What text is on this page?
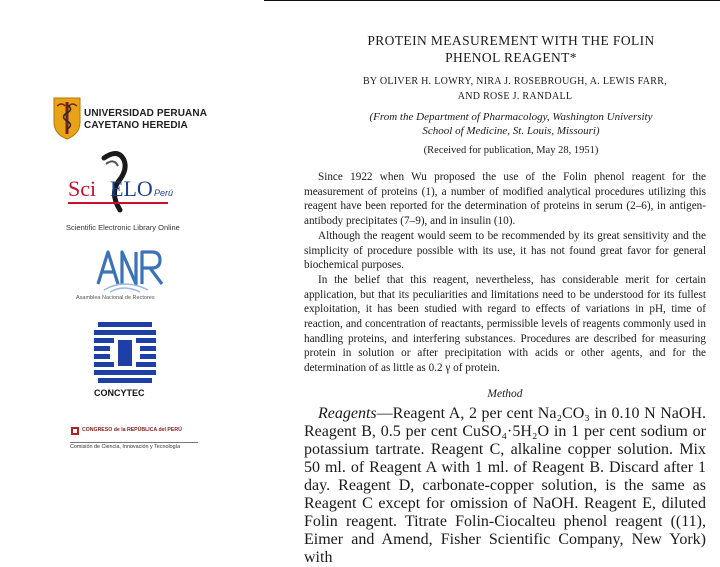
UNIVERSIDAD PERUANA
CAYETANO HEREDIA
Sci ELO Perú
Scientific Electronic Library Online
Asamblea Nacional de Rectores
CONCYTEC
CONGRESO de la REPÚBLICA del PERÚ
Comisión de Ciencia, Innovación y Tecnología
PROTEIN MEASUREMENT WITH THE FOLIN
PHENOL REAGENT*
BY OLIVER H. LOWRY, NIRA J. ROSEBROUGH, A. LEWIS FARR,
AND ROSE J. RANDALL
(From the Department of Pharmacology, Washington University
School of Medicine, St. Louis, Missouri)
(Received for publication, May 28, 1951)

Since 1922 when Wu proposed the use of the Folin phenol reagent for the measurement of proteins (1), a number of modified analytical procedures utilizing this reagent have been reported for the determination of proteins in serum (2–6), in antigen-antibody precipitates (7–9), and in insulin (10).

Although the reagent would seem to be recommended by its great sensitivity and the simplicity of procedure possible with its use, it has not found great favor for general biochemical purposes.

In the belief that this reagent, nevertheless, has considerable merit for certain application, but that its peculiarities and limitations need to be understood for its fullest exploitation, it has been studied with regard to effects of variations in pH, time of reaction, and concentration of reactants, permissible levels of reagents commonly used in handling proteins, and interfering substances. Procedures are described for measuring protein in solution or after precipitation with acids or other agents, and for the determination of as little as 0.2 γ of protein.

Method

Reagents—Reagent A, 2 per cent Na₂CO₃ in 0.10 N NaOH. Reagent B, 0.5 per cent CuSO₄·5H₂O in 1 per cent sodium or potassium tartrate. Reagent C, alkaline copper solution. Mix 50 ml. of Reagent A with 1 ml. of Reagent B. Discard after 1 day. Reagent D, carbonate-copper solution, is the same as Reagent C except for omission of NaOH. Reagent E, diluted Folin reagent. Titrate Folin-Ciocalteu phenol reagent ((11), Eimer and Amend, Fisher Scientific Company, New York) with
